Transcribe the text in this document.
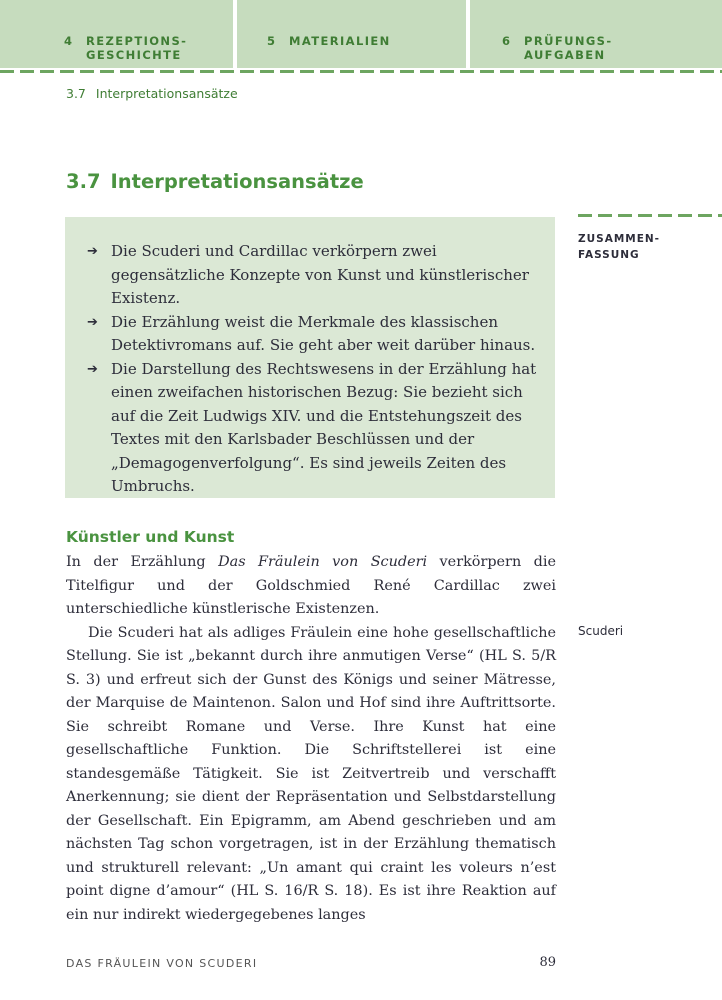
4 REZEPTIONS-
GESCHICHTE
5 MATERIALIEN	6 PRÜFUNGS-
AUFGABEN
3.7 Interpretationsansätze
3.7 Interpretationsansätze
ZUSAMMEN-
FASSUNG
➔ Die Scuderi und Cardillac verkörpern zwei gegensätzliche Konzepte von Kunst und künstlerischer Existenz.
➔ Die Erzählung weist die Merkmale des klassischen Detektivromans auf. Sie geht aber weit darüber hinaus.
➔ Die Darstellung des Rechtswesens in der Erzählung hat einen zweifachen historischen Bezug: Sie bezieht sich auf die Zeit Ludwigs XIV. und die Entstehungszeit des Textes mit den Karlsbader Beschlüssen und der „Demagogenverfolgung“. Es sind jeweils Zeiten des Umbruchs.
Künstler und Kunst

In der Erzählung Das Fräulein von Scuderi verkörpern die Titelfigur und der Goldschmied René Cardillac zwei unterschiedliche künstlerische Existenzen.

Die Scuderi hat als adliges Fräulein eine hohe gesellschaftliche Stellung. Sie ist „bekannt durch ihre anmutigen Verse“ (HL S. 5/R S. 3) und erfreut sich der Gunst des Königs und seiner Mätresse, der Marquise de Maintenon. Salon und Hof sind ihre Auftrittsorte. Sie schreibt Romane und Verse. Ihre Kunst hat eine gesellschaftliche Funktion. Die Schriftstellerei ist eine standesgemäße Tätigkeit. Sie ist Zeitvertreib und verschafft Anerkennung; sie dient der Repräsentation und Selbstdarstellung der Gesellschaft. Ein Epigramm, am Abend geschrieben und am nächsten Tag schon vorgetragen, ist in der Erzählung thematisch und strukturell relevant: „Un amant qui craint les voleurs n’est point digne d’amour“ (HL S. 16/R S. 18). Es ist ihre Reaktion auf ein nur indirekt wiedergegebenes langes

Scuderi
DAS FRÄULEIN VON SCUDERI	89
